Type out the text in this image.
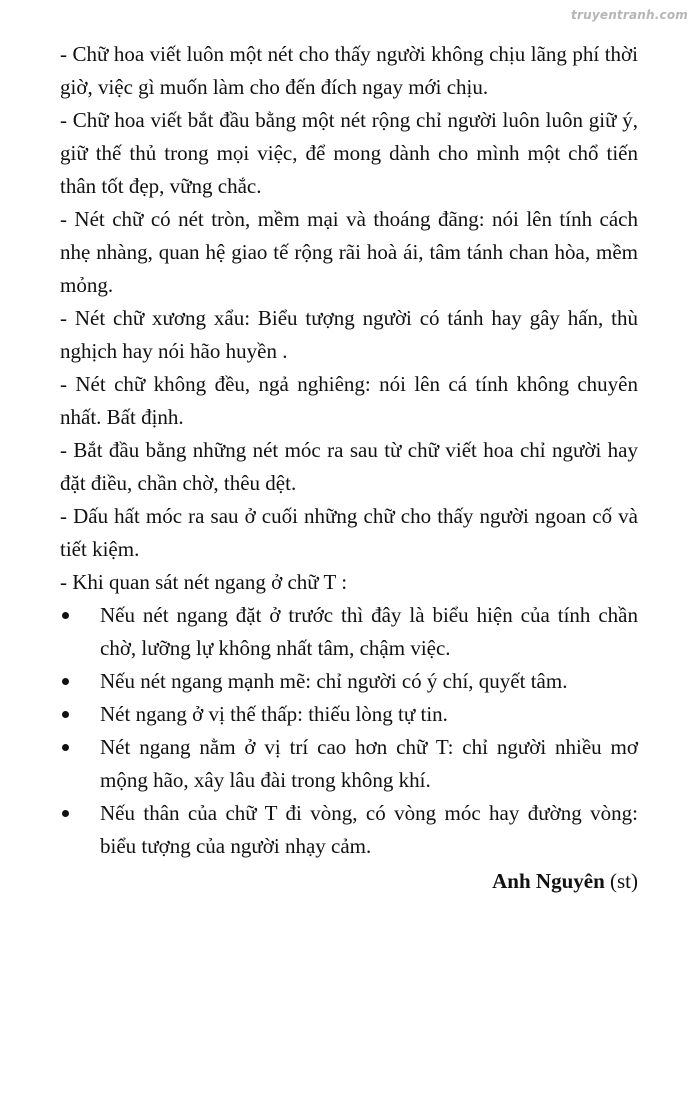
truyentranh.com

- Chữ hoa viết luôn một nét cho thấy người không chịu lãng phí thời giờ, việc gì muốn làm cho đến đích ngay mới chịu.

- Chữ hoa viết bắt đầu bằng một nét rộng chỉ người luôn luôn giữ ý, giữ thế thủ trong mọi việc, để mong dành cho mình một chổ tiến thân tốt đẹp, vững chắc.

- Nét chữ có nét tròn, mềm mại và thoáng đãng: nói lên tính cách nhẹ nhàng, quan hệ giao tế rộng rãi hoà ái, tâm tánh chan hòa, mềm mỏng.

- Nét chữ xương xẩu: Biểu tượng người có tánh hay gây hấn, thù nghịch hay nói hão huyền .

- Nét chữ không đều, ngả nghiêng: nói lên cá tính không chuyên nhất. Bất định.

- Bắt đầu bằng những nét móc ra sau từ chữ viết hoa chỉ người hay đặt điều, chần chờ, thêu dệt.

- Dấu hất móc ra sau ở cuối những chữ cho thấy người ngoan cố và tiết kiệm.

- Khi quan sát nét ngang ở chữ T :

Nếu nét ngang đặt ở trước thì đây là biểu hiện của tính chần chờ, lưỡng lự không nhất tâm, chậm việc.
Nếu nét ngang mạnh mẽ: chỉ người có ý chí, quyết tâm.
Nét ngang ở vị thế thấp: thiếu lòng tự tin.
Nét ngang nằm ở vị trí cao hơn chữ T: chỉ người nhiều mơ mộng hão, xây lâu đài trong không khí.
Nếu thân của chữ T đi vòng, có vòng móc hay đường vòng: biểu tượng của người nhạy cảm.
Anh Nguyên (st)
